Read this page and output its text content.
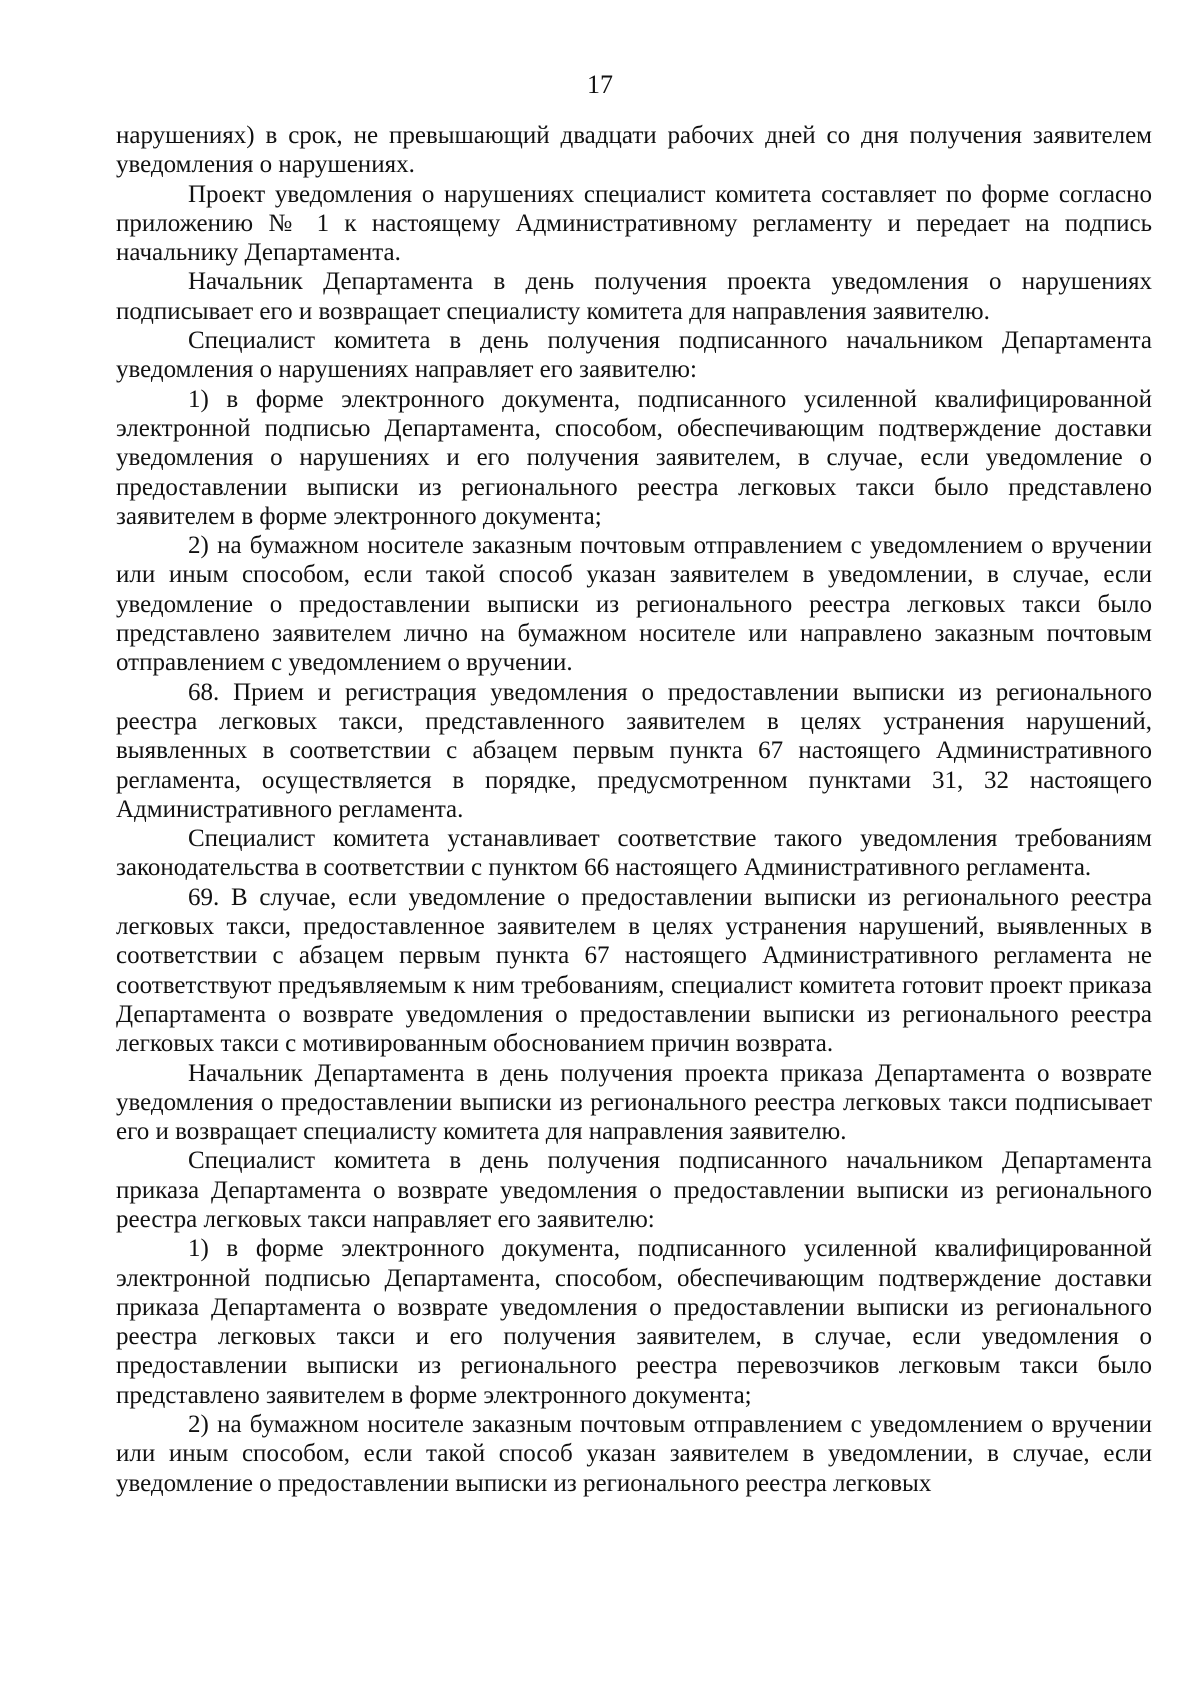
17

нарушениях) в срок, не превышающий двадцати рабочих дней со дня получения заявителем уведомления о нарушениях.

Проект уведомления о нарушениях специалист комитета составляет по форме согласно приложению № 1 к настоящему Административному регламенту и передает на подпись начальнику Департамента.

Начальник Департамента в день получения проекта уведомления о нарушениях подписывает его и возвращает специалисту комитета для направления заявителю.

Специалист комитета в день получения подписанного начальником Департамента уведомления о нарушениях направляет его заявителю:

1) в форме электронного документа, подписанного усиленной квалифицированной электронной подписью Департамента, способом, обеспечивающим подтверждение доставки уведомления о нарушениях и его получения заявителем, в случае, если уведомление о предоставлении выписки из регионального реестра легковых такси было представлено заявителем в форме электронного документа;

2) на бумажном носителе заказным почтовым отправлением с уведомлением о вручении или иным способом, если такой способ указан заявителем в уведомлении, в случае, если уведомление о предоставлении выписки из регионального реестра легковых такси было представлено заявителем лично на бумажном носителе или направлено заказным почтовым отправлением с уведомлением о вручении.

68. Прием и регистрация уведомления о предоставлении выписки из регионального реестра легковых такси, представленного заявителем в целях устранения нарушений, выявленных в соответствии с абзацем первым пункта 67 настоящего Административного регламента, осуществляется в порядке, предусмотренном пунктами 31, 32 настоящего Административного регламента.

Специалист комитета устанавливает соответствие такого уведомления требованиям законодательства в соответствии с пунктом 66 настоящего Административного регламента.

69. В случае, если уведомление о предоставлении выписки из регионального реестра легковых такси, предоставленное заявителем в целях устранения нарушений, выявленных в соответствии с абзацем первым пункта 67 настоящего Административного регламента не соответствуют предъявляемым к ним требованиям, специалист комитета готовит проект приказа Департамента о возврате уведомления о предоставлении выписки из регионального реестра легковых такси с мотивированным обоснованием причин возврата.

Начальник Департамента в день получения проекта приказа Департамента о возврате уведомления о предоставлении выписки из регионального реестра легковых такси подписывает его и возвращает специалисту комитета для направления заявителю.

Специалист комитета в день получения подписанного начальником Департамента приказа Департамента о возврате уведомления о предоставлении выписки из регионального реестра легковых такси направляет его заявителю:

1) в форме электронного документа, подписанного усиленной квалифицированной электронной подписью Департамента, способом, обеспечивающим подтверждение доставки приказа Департамента о возврате уведомления о предоставлении выписки из регионального реестра легковых такси и его получения заявителем, в случае, если уведомления о предоставлении выписки из регионального реестра перевозчиков легковым такси было представлено заявителем в форме электронного документа;

2) на бумажном носителе заказным почтовым отправлением с уведомлением о вручении или иным способом, если такой способ указан заявителем в уведомлении, в случае, если уведомление о предоставлении выписки из регионального реестра легковых
